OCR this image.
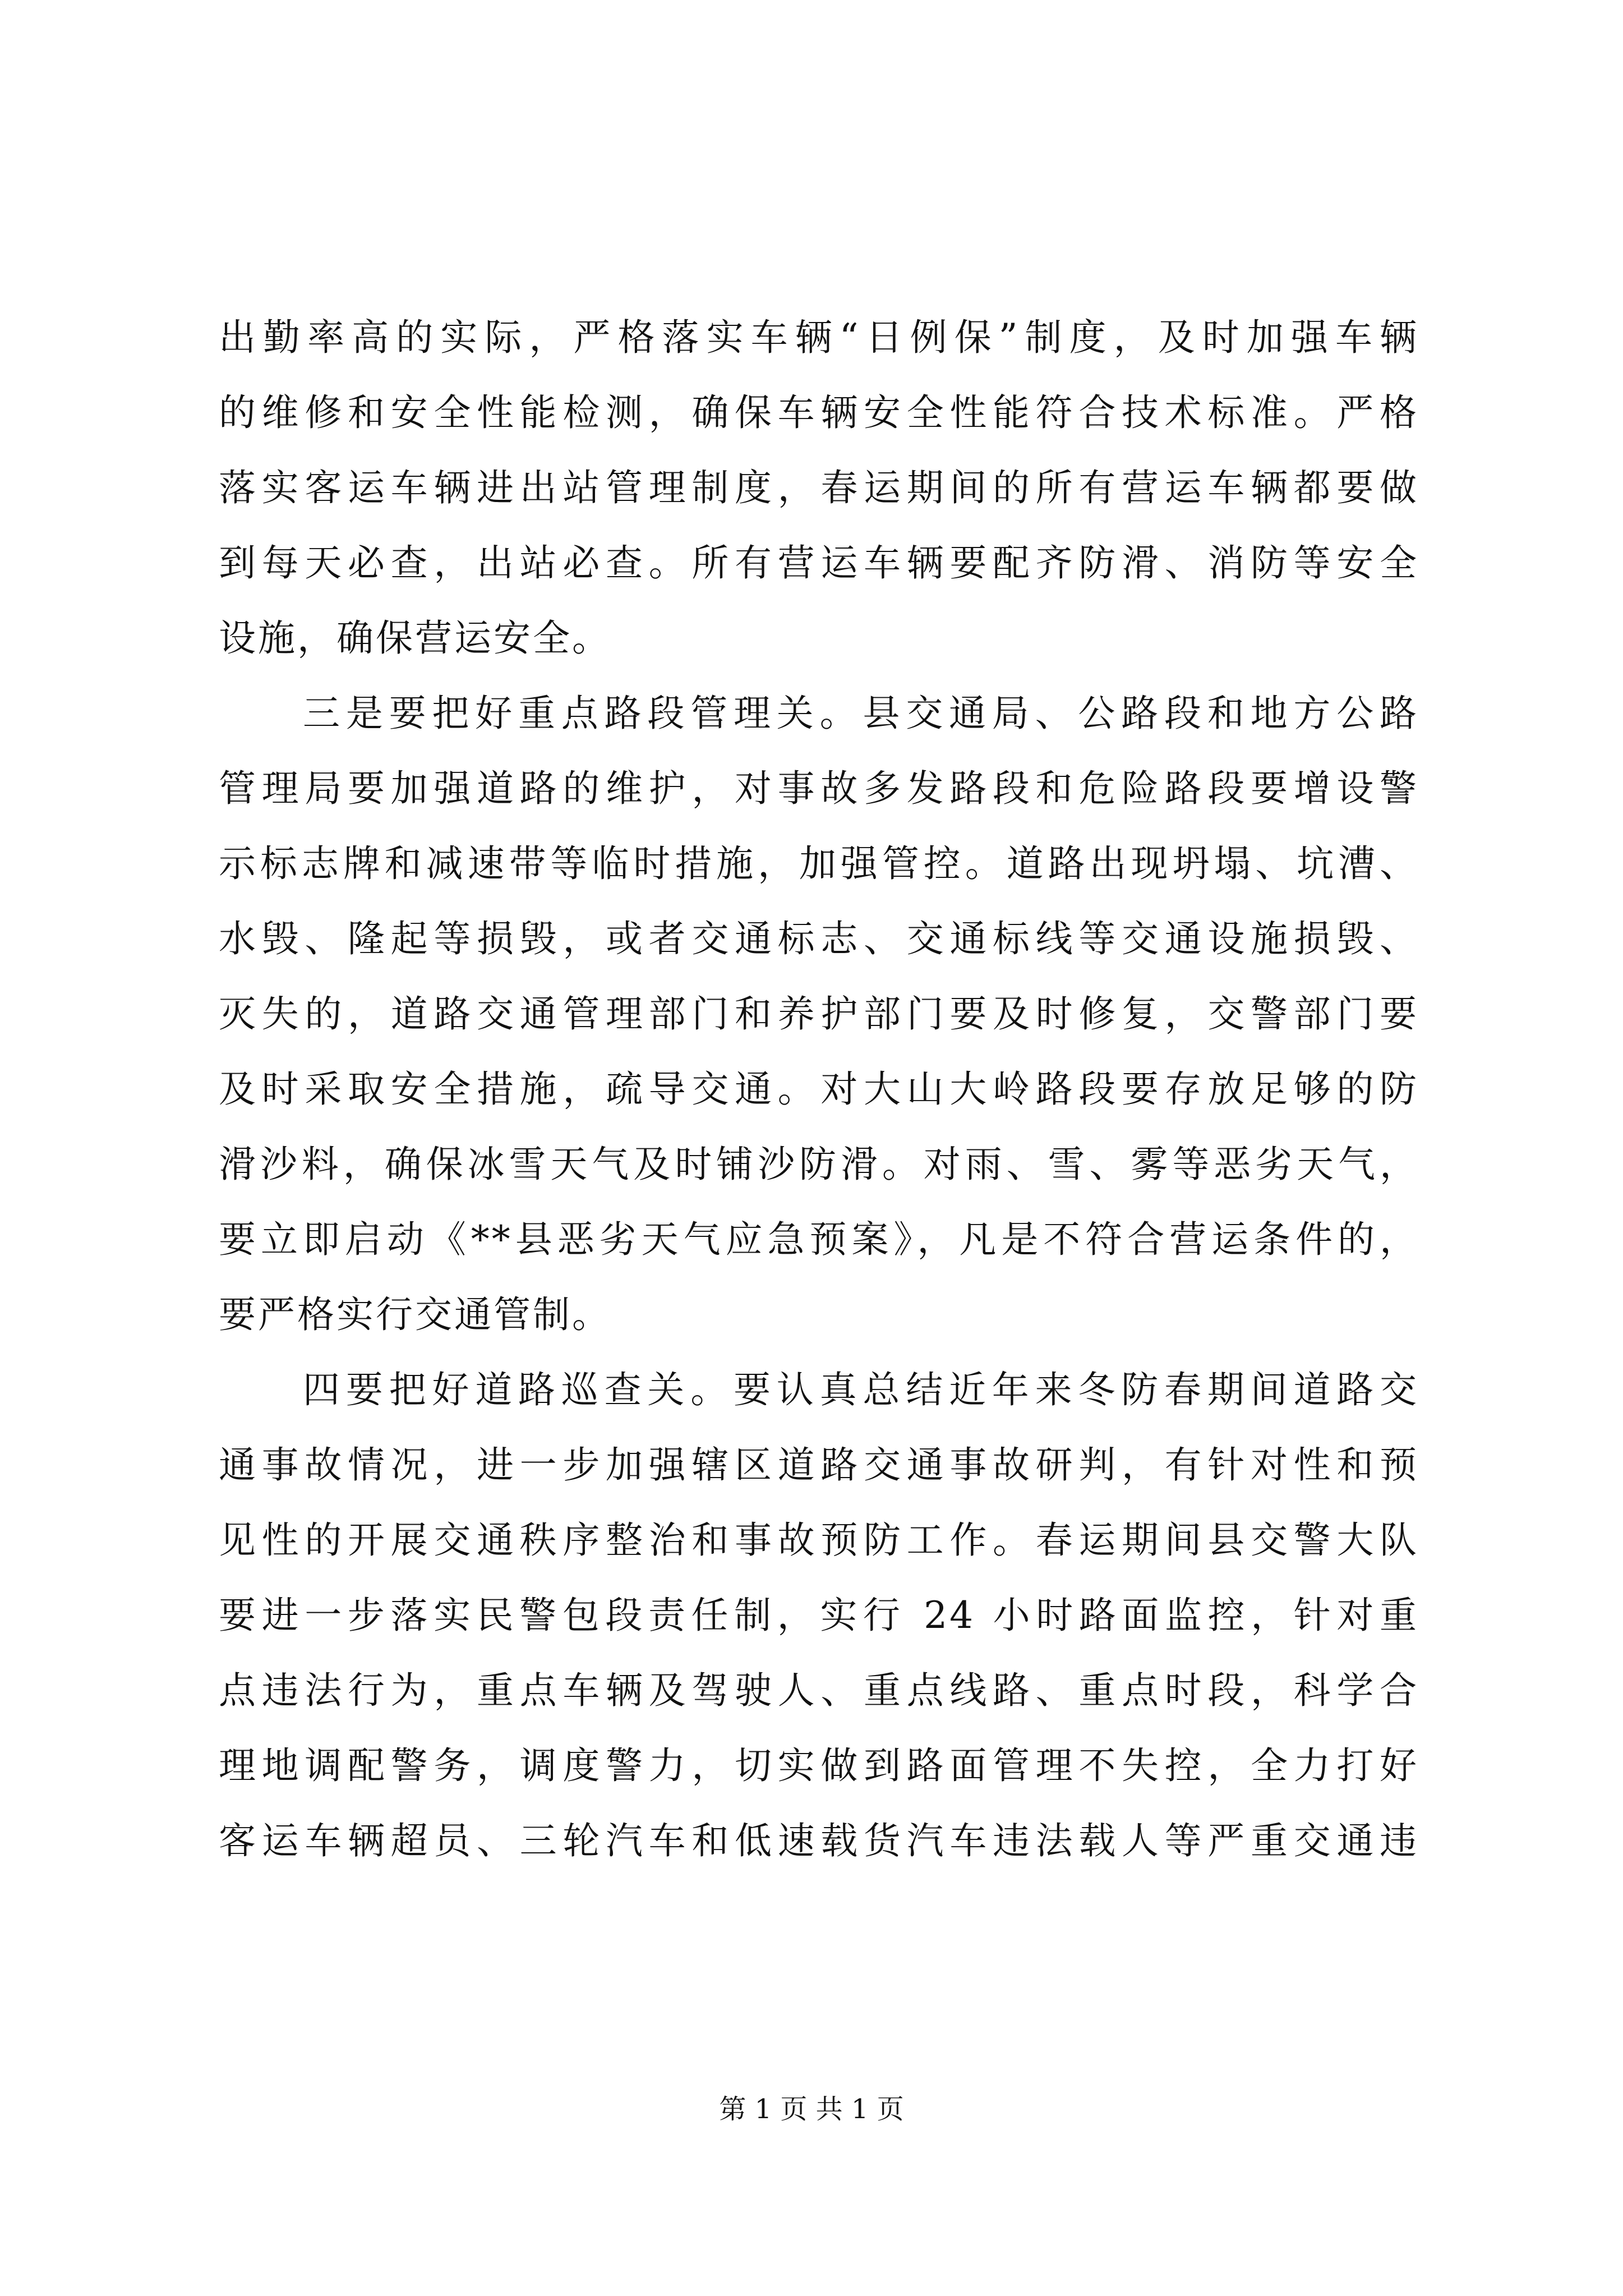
出勤率高的实际，严格落实车辆“日例保”制度，及时加强车辆
的维修和安全性能检测，确保车辆安全性能符合技术标准。严格
落实客运车辆进出站管理制度，春运期间的所有营运车辆都要做
到每天必查，出站必查。所有营运车辆要配齐防滑、消防等安全
设施，确保营运安全。
三是要把好重点路段管理关。县交通局、公路段和地方公路
管理局要加强道路的维护，对事故多发路段和危险路段要增设警
示标志牌和减速带等临时措施，加强管控。道路出现坍塌、坑漕、
水毁、隆起等损毁，或者交通标志、交通标线等交通设施损毁、
灭失的，道路交通管理部门和养护部门要及时修复，交警部门要
及时采取安全措施，疏导交通。对大山大岭路段要存放足够的防
滑沙料，确保冰雪天气及时铺沙防滑。对雨、雪、雾等恶劣天气，
要立即启动《**县恶劣天气应急预案》，凡是不符合营运条件的，
要严格实行交通管制。
四要把好道路巡查关。要认真总结近年来冬防春期间道路交
通事故情况，进一步加强辖区道路交通事故研判，有针对性和预
见性的开展交通秩序整治和事故预防工作。春运期间县交警大队
要进一步落实民警包段责任制，实行 24 小时路面监控，针对重
点违法行为，重点车辆及驾驶人、重点线路、重点时段，科学合
理地调配警务，调度警力，切实做到路面管理不失控，全力打好
客运车辆超员、三轮汽车和低速载货汽车违法载人等严重交通违
第 1 页 共 1 页
